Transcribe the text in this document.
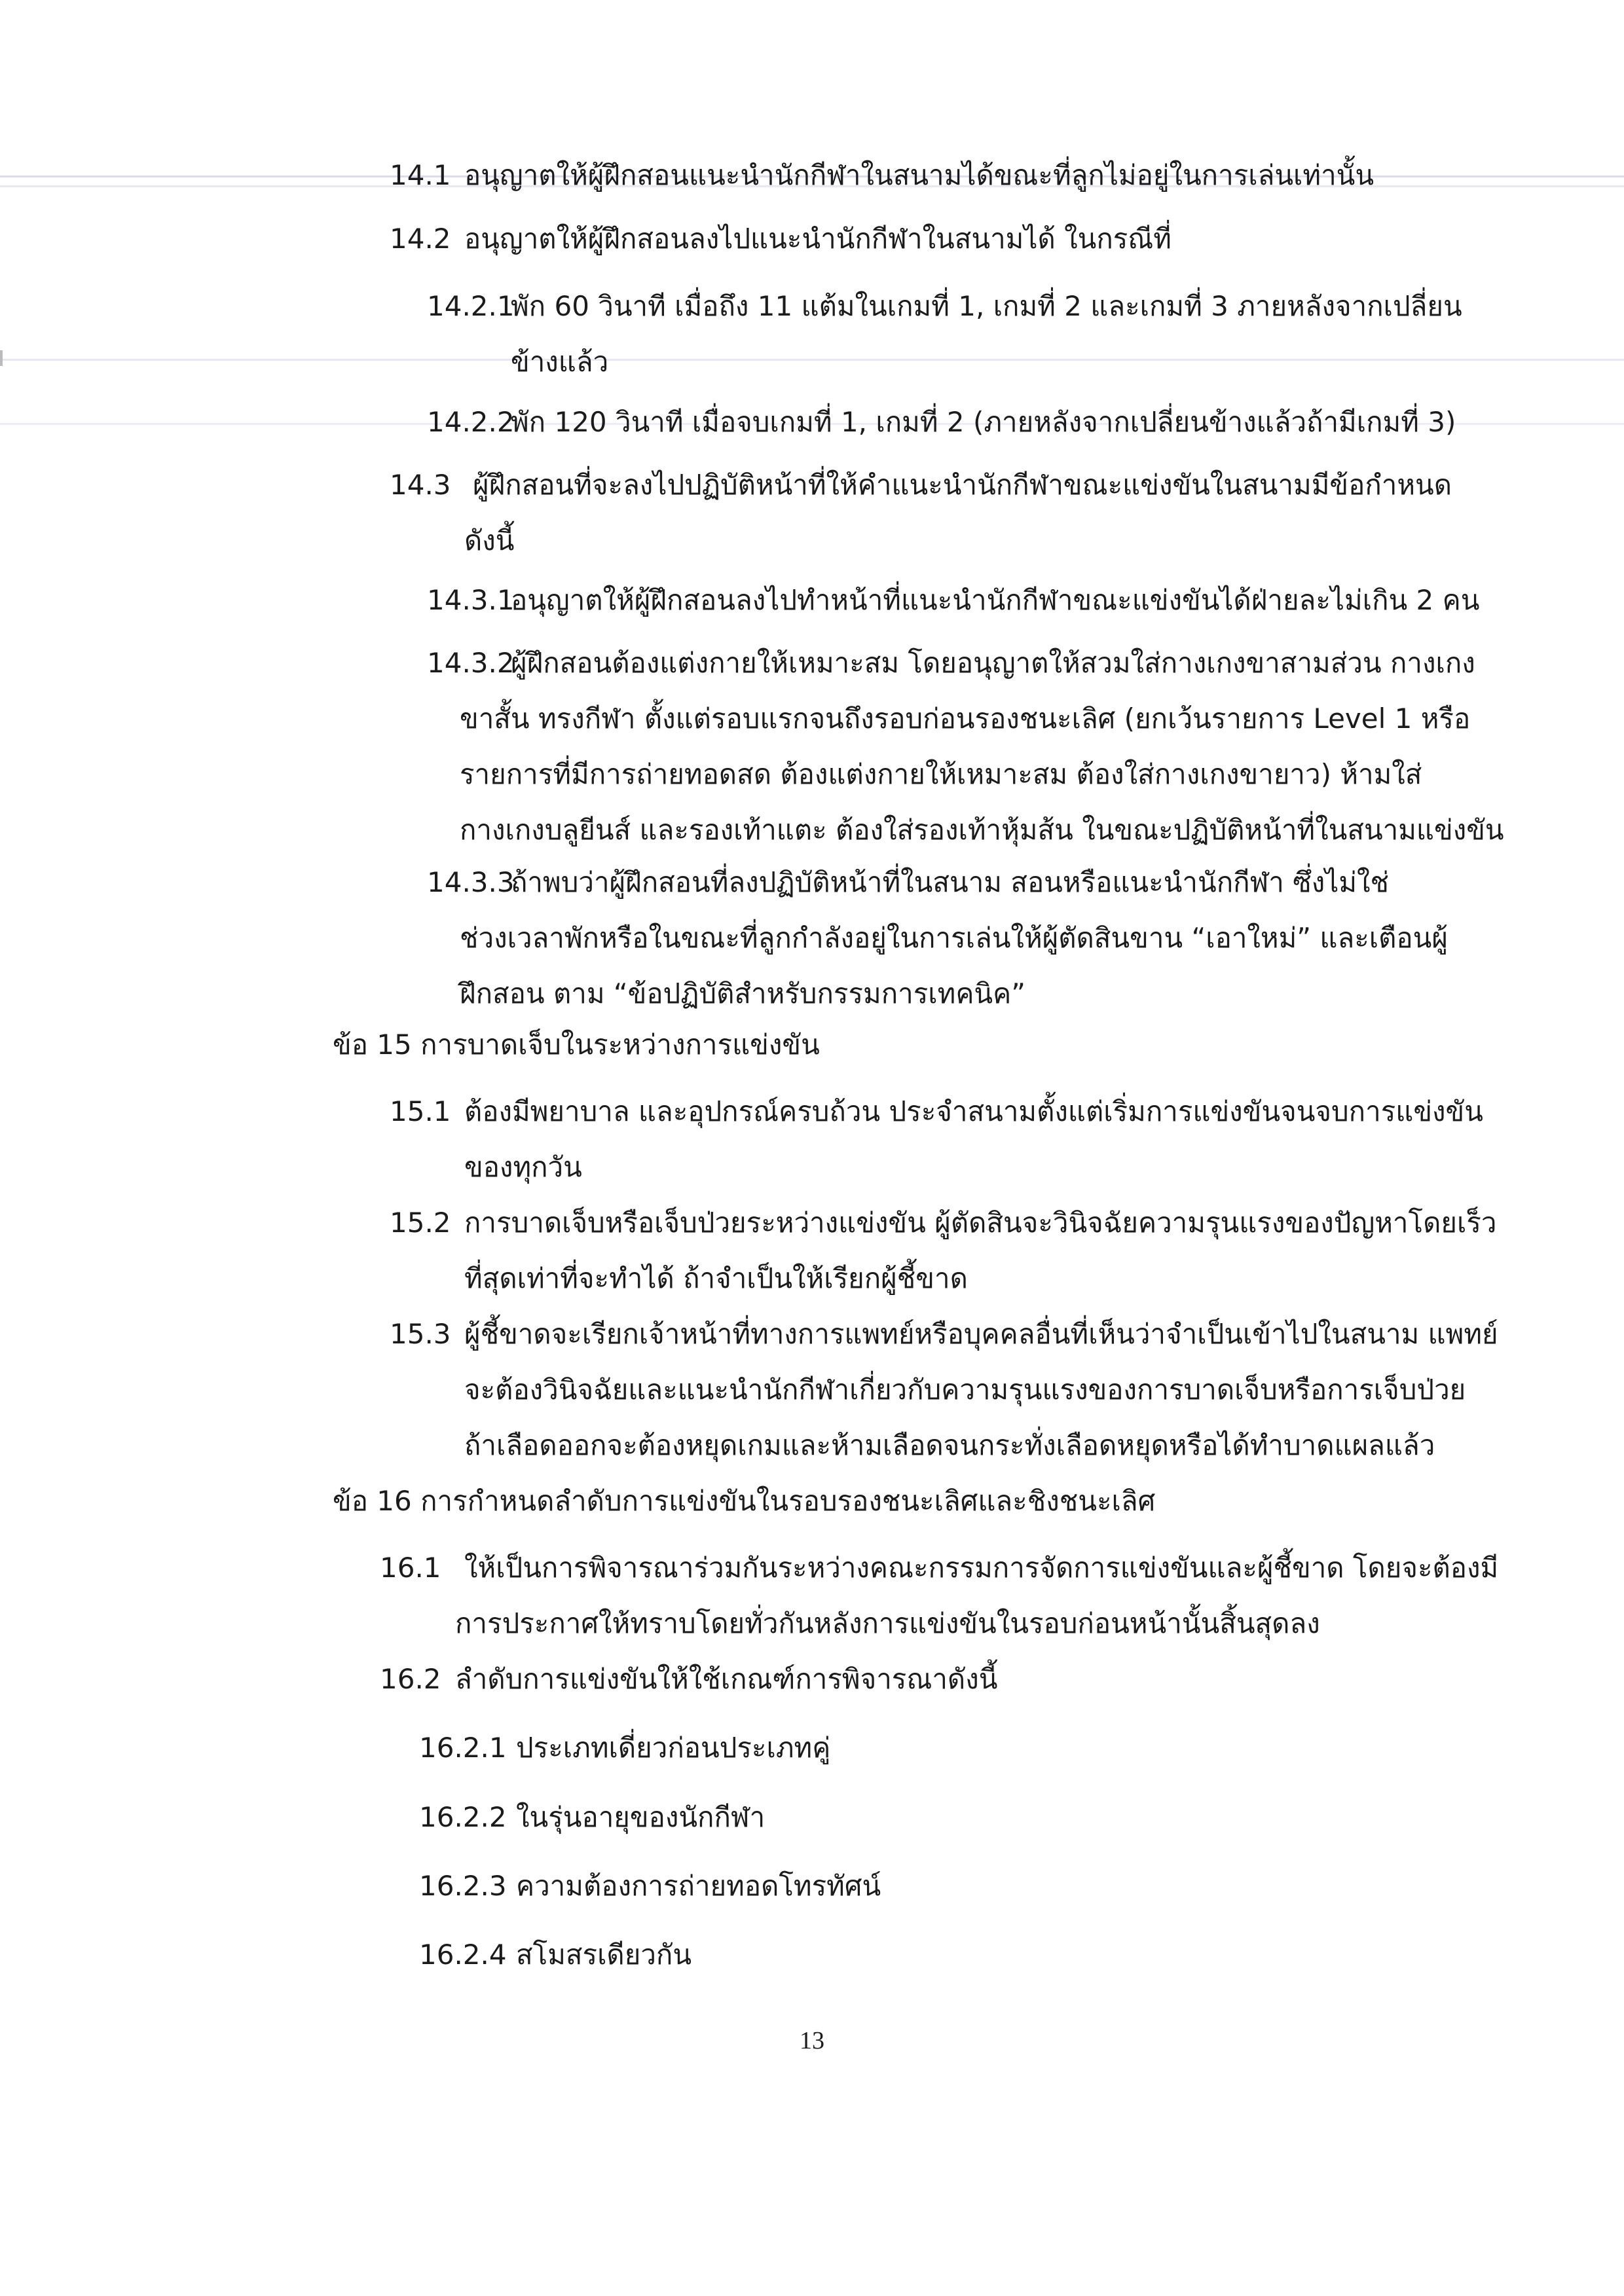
14.1 อนุญาตให้ผู้ฝึกสอนแนะนำนักกีฬาในสนามได้ขณะที่ลูกไม่อยู่ในการเล่นเท่านั้น
14.2 อนุญาตให้ผู้ฝึกสอนลงไปแนะนำนักกีฬาในสนามได้ ในกรณีที่
14.2.1พัก 60 วินาที เมื่อถึง 11 แต้มในเกมที่ 1, เกมที่ 2 และเกมที่ 3 ภายหลังจากเปลี่ยน
ข้างแล้ว
14.2.2พัก 120 วินาที เมื่อจบเกมที่ 1, เกมที่ 2 (ภายหลังจากเปลี่ยนข้างแล้วถ้ามีเกมที่ 3)
14.3 ผู้ฝึกสอนที่จะลงไปปฏิบัติหน้าที่ให้คำแนะนำนักกีฬาขณะแข่งขันในสนามมีข้อกำหนด
ดังนี้
14.3.1อนุญาตให้ผู้ฝึกสอนลงไปทำหน้าที่แนะนำนักกีฬาขณะแข่งขันได้ฝ่ายละไม่เกิน 2 คน
14.3.2ผู้ฝึกสอนต้องแต่งกายให้เหมาะสม โดยอนุญาตให้สวมใส่กางเกงขาสามส่วน กางเกง
ขาสั้น ทรงกีฬา ตั้งแต่รอบแรกจนถึงรอบก่อนรองชนะเลิศ (ยกเว้นรายการ Level 1 หรือ
รายการที่มีการถ่ายทอดสด ต้องแต่งกายให้เหมาะสม ต้องใส่กางเกงขายาว) ห้ามใส่
กางเกงบลูยีนส์ และรองเท้าแตะ ต้องใส่รองเท้าหุ้มส้น ในขณะปฏิบัติหน้าที่ในสนามแข่งขัน
14.3.3ถ้าพบว่าผู้ฝึกสอนที่ลงปฏิบัติหน้าที่ในสนาม สอนหรือแนะนำนักกีฬา ซึ่งไม่ใช่
ช่วงเวลาพักหรือในขณะที่ลูกกำลังอยู่ในการเล่นให้ผู้ตัดสินขาน “เอาใหม่” และเตือนผู้
ฝึกสอน ตาม “ข้อปฏิบัติสำหรับกรรมการเทคนิค”
ข้อ 15 การบาดเจ็บในระหว่างการแข่งขัน
15.1 ต้องมีพยาบาล และอุปกรณ์ครบถ้วน ประจำสนามตั้งแต่เริ่มการแข่งขันจนจบการแข่งขัน
ของทุกวัน
15.2 การบาดเจ็บหรือเจ็บป่วยระหว่างแข่งขัน ผู้ตัดสินจะวินิจฉัยความรุนแรงของปัญหาโดยเร็ว
ที่สุดเท่าที่จะทำได้ ถ้าจำเป็นให้เรียกผู้ชี้ขาด
15.3 ผู้ชี้ขาดจะเรียกเจ้าหน้าที่ทางการแพทย์หรือบุคคลอื่นที่เห็นว่าจำเป็นเข้าไปในสนาม แพทย์
จะต้องวินิจฉัยและแนะนำนักกีฬาเกี่ยวกับความรุนแรงของการบาดเจ็บหรือการเจ็บป่วย
ถ้าเลือดออกจะต้องหยุดเกมและห้ามเลือดจนกระทั่งเลือดหยุดหรือได้ทำบาดแผลแล้ว
ข้อ 16 การกำหนดลำดับการแข่งขันในรอบรองชนะเลิศและชิงชนะเลิศ
16.1 ให้เป็นการพิจารณาร่วมกันระหว่างคณะกรรมการจัดการแข่งขันและผู้ชี้ขาด โดยจะต้องมี
การประกาศให้ทราบโดยทั่วกันหลังการแข่งขันในรอบก่อนหน้านั้นสิ้นสุดลง
16.2 ลำดับการแข่งขันให้ใช้เกณฑ์การพิจารณาดังนี้
16.2.1 ประเภทเดี่ยวก่อนประเภทคู่
16.2.2 ในรุ่นอายุของนักกีฬา
16.2.3 ความต้องการถ่ายทอดโทรทัศน์
16.2.4 สโมสรเดียวกัน
13
